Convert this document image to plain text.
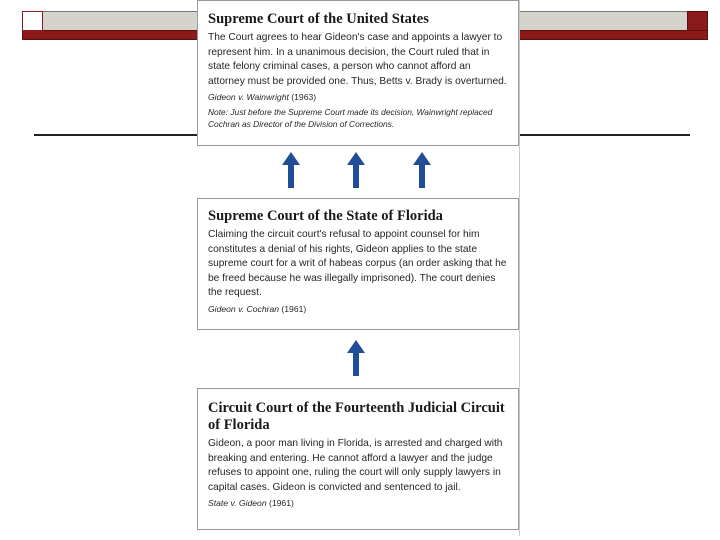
Supreme Court of the United States

The Court agrees to hear Gideon's case and appoints a lawyer to represent him. In a unanimous decision, the Court ruled that in state felony criminal cases, a person who cannot afford an attorney must be provided one. Thus, Betts v. Brady is overturned.

Gideon v. Wainwright (1963)
Note: Just before the Supreme Court made its decision, Wainwright replaced Cochran as Director of the Division of Corrections.
Supreme Court of the State of Florida

Claiming the circuit court's refusal to appoint counsel for him constitutes a denial of his rights, Gideon applies to the state supreme court for a writ of habeas corpus (an order asking that he be freed because he was illegally imprisoned). The court denies the request.

Gideon v. Cochran (1961)
Circuit Court of the Fourteenth Judicial Circuit of Florida

Gideon, a poor man living in Florida, is arrested and charged with breaking and entering. He cannot afford a lawyer and the judge refuses to appoint one, ruling the court will only supply lawyers in capital cases. Gideon is convicted and sentenced to jail.

State v. Gideon (1961)
